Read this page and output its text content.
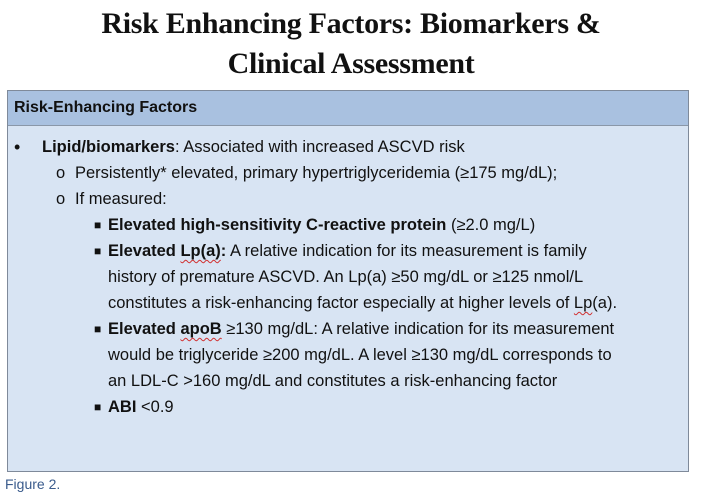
Risk Enhancing Factors: Biomarkers &
Clinical Assessment
Risk-Enhancing Factors
• Lipid/biomarkers: Associated with increased ASCVD risk
o Persistently* elevated, primary hypertriglyceridemia (≥175 mg/dL);
o If measured:
■ Elevated high-sensitivity C-reactive protein (≥2.0 mg/L)
■ Elevated Lp(a): A relative indication for its measurement is family
history of premature ASCVD. An Lp(a) ≥50 mg/dL or ≥125 nmol/L
constitutes a risk-enhancing factor especially at higher levels of Lp(a).
■ Elevated apoB ≥130 mg/dL: A relative indication for its measurement
would be triglyceride ≥200 mg/dL. A level ≥130 mg/dL corresponds to
an LDL-C >160 mg/dL and constitutes a risk-enhancing factor
■ ABI <0.9
Figure 2.
